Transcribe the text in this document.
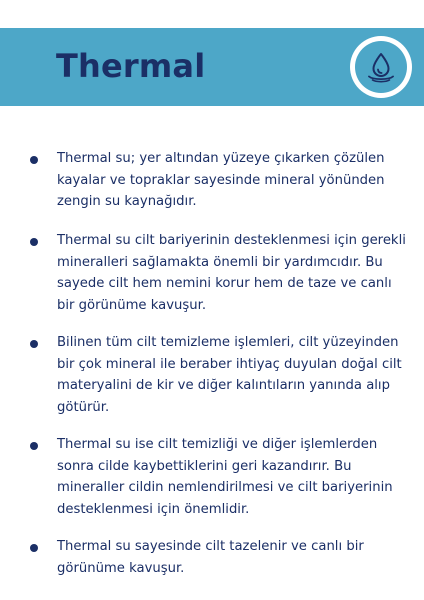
Thermal
Thermal su; yer altından yüzeye çıkarken çözülen
kayalar ve topraklar sayesinde mineral yönünden
zengin su kaynağıdır.
Thermal su cilt bariyerinin desteklenmesi için gerekli
mineralleri sağlamakta önemli bir yardımcıdır. Bu
sayede cilt hem nemini korur hem de taze ve canlı
bir görünüme kavuşur.
Bilinen tüm cilt temizleme işlemleri, cilt yüzeyinden
bir çok mineral ile beraber ihtiyaç duyulan doğal cilt
materyalini de kir ve diğer kalıntıların yanında alıp
götürür.
Thermal su ise cilt temizliği ve diğer işlemlerden
sonra cilde kaybettiklerini geri kazandırır. Bu
mineraller cildin nemlendirilmesi ve cilt bariyerinin
desteklenmesi için önemlidir.
Thermal su sayesinde cilt tazelenir ve canlı bir
görünüme kavuşur.
